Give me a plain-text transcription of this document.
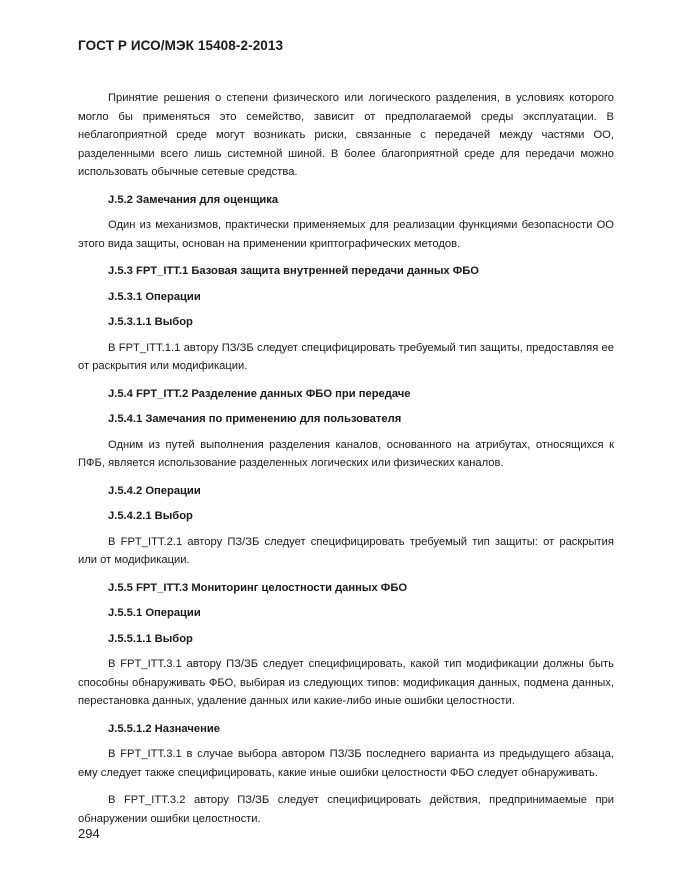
ГОСТ Р ИСО/МЭК 15408-2-2013
Принятие решения о степени физического или логического разделения, в условиях которого могло бы применяться это семейство, зависит от предполагаемой среды эксплуатации. В неблагоприятной среде могут возникать риски, связанные с передачей между частями ОО, разделенными всего лишь системной шиной. В более благоприятной среде для передачи можно использовать обычные сетевые средства.
J.5.2 Замечания для оценщика
Один из механизмов, практически применяемых для реализации функциями безопасности ОО этого вида защиты, основан на применении криптографических методов.
J.5.3 FPT_ITT.1 Базовая защита внутренней передачи данных ФБО
J.5.3.1 Операции
J.5.3.1.1 Выбор
В FPT_ITT.1.1 автору ПЗ/ЗБ следует специфицировать требуемый тип защиты, предоставляя ее от раскрытия или модификации.
J.5.4 FPT_ITT.2 Разделение данных ФБО при передаче
J.5.4.1 Замечания по применению для пользователя
Одним из путей выполнения разделения каналов, основанного на атрибутах, относящихся к ПФБ, является использование разделенных логических или физических каналов.
J.5.4.2 Операции
J.5.4.2.1 Выбор
В FPT_ITT.2.1 автору ПЗ/ЗБ следует специфицировать требуемый тип защиты: от раскрытия или от модификации.
J.5.5 FPT_ITT.3 Мониторинг целостности данных ФБО
J.5.5.1 Операции
J.5.5.1.1 Выбор
В FPT_ITT.3.1 автору ПЗ/ЗБ следует специфицировать, какой тип модификации должны быть способны обнаруживать ФБО, выбирая из следующих типов: модификация данных, подмена данных, перестановка данных, удаление данных или какие-либо иные ошибки целостности.
J.5.5.1.2 Назначение
В FPT_ITT.3.1 в случае выбора автором ПЗ/ЗБ последнего варианта из предыдущего абзаца, ему следует также специфицировать, какие иные ошибки целостности ФБО следует обнаруживать.
В FPT_ITT.3.2 автору ПЗ/ЗБ следует специфицировать действия, предпринимаемые при обнаружении ошибки целостности.
294
